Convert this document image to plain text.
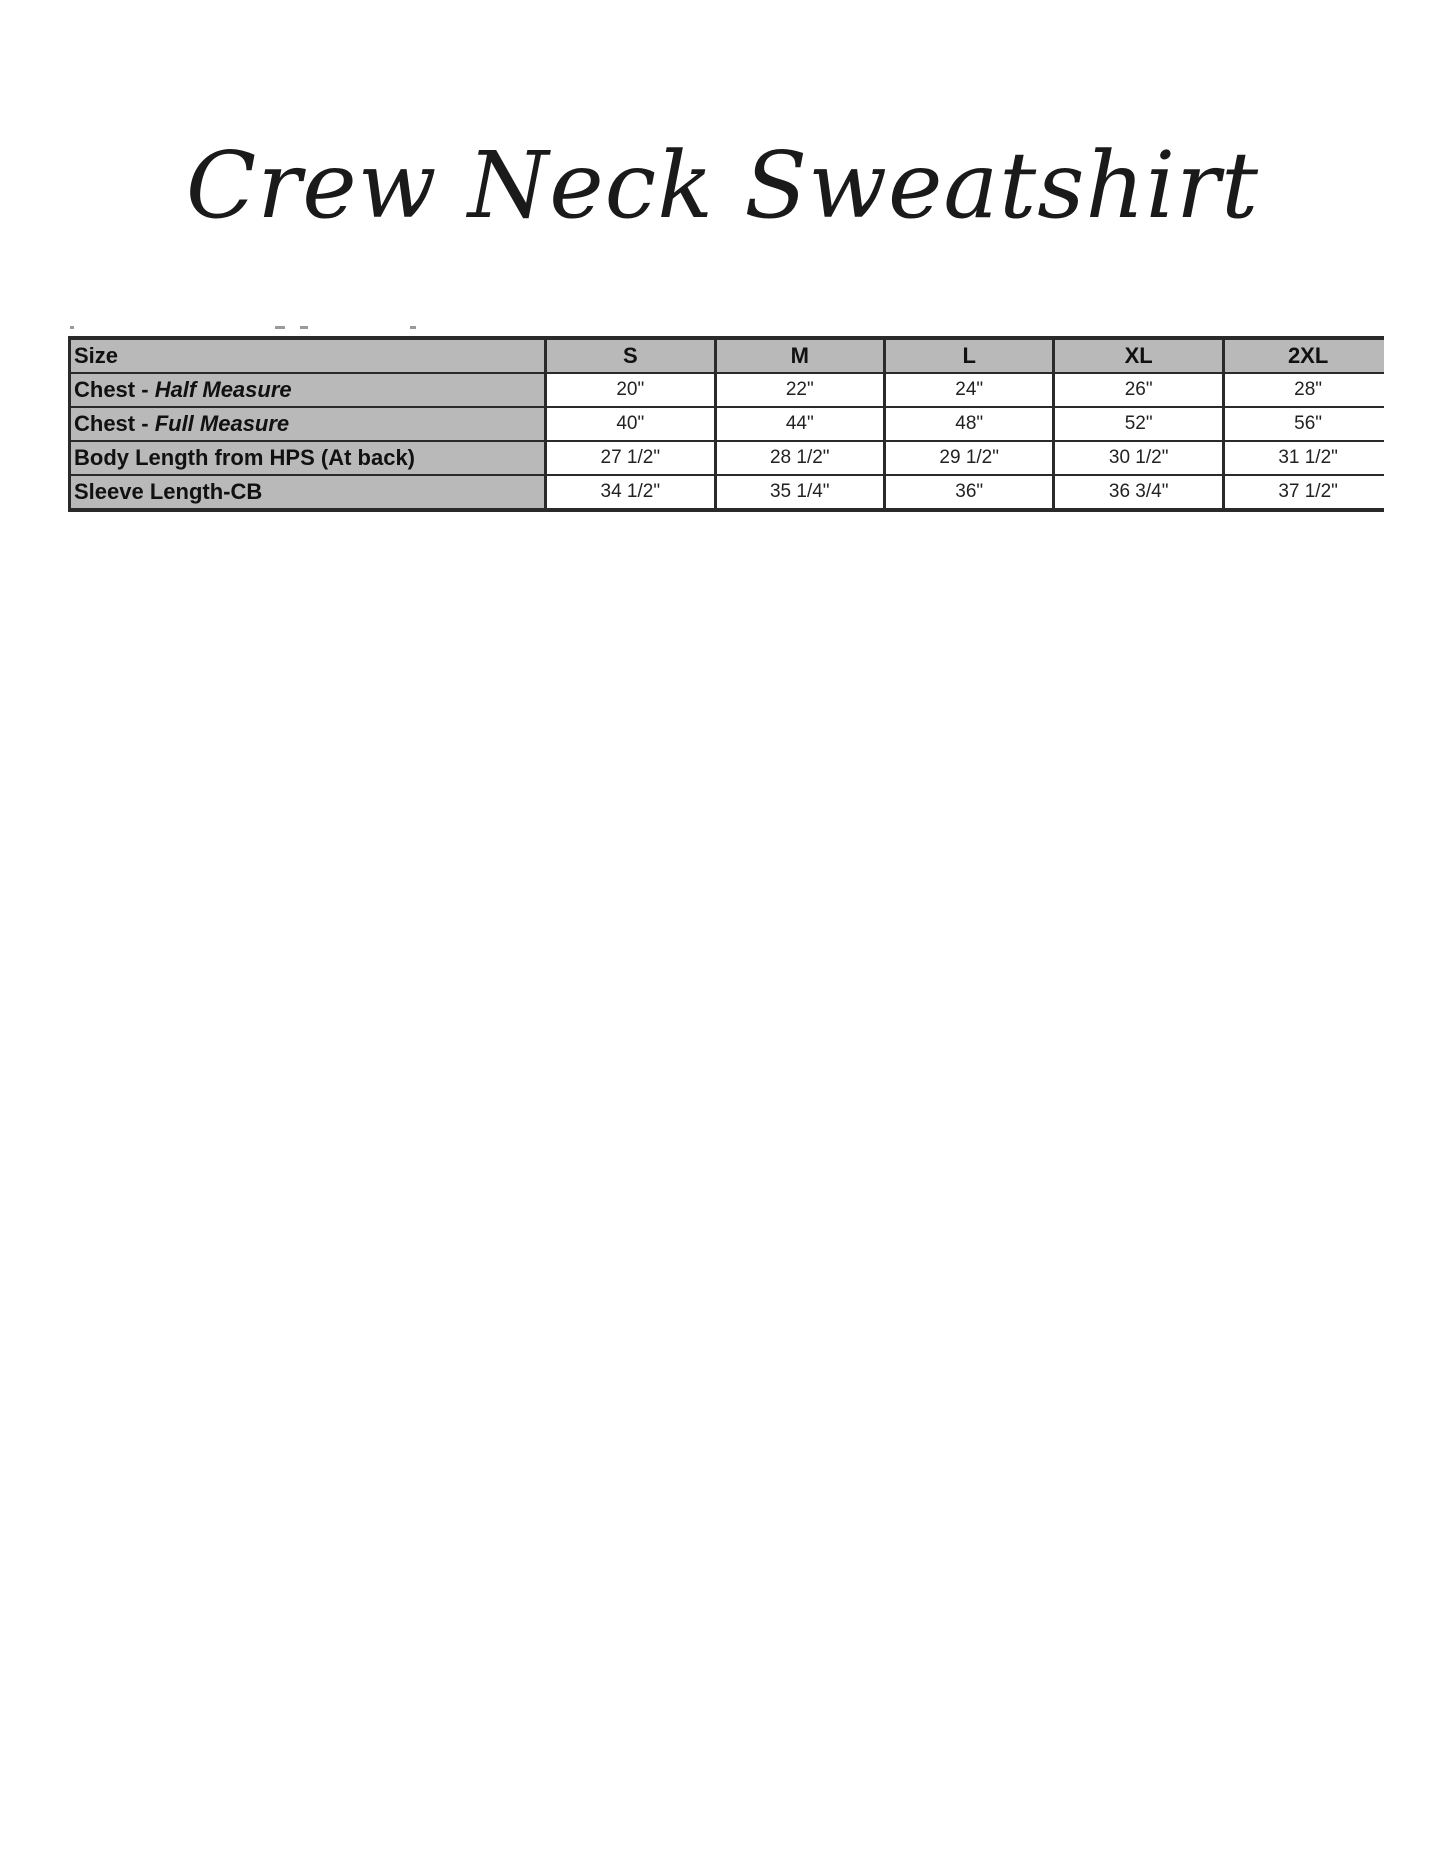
Crew Neck Sweatshirt
Size	S	M	L	XL	2XL	
Chest - Half Measure	20"	22"	24"	26"	28"	
Chest - Full Measure	40"	44"	48"	52"	56"	
Body Length from HPS (At back)	27 1/2"	28 1/2"	29 1/2"	30 1/2"	31 1/2"	
Sleeve Length-CB	34 1/2"	35 1/4"	36"	36 3/4"	37 1/2"	
